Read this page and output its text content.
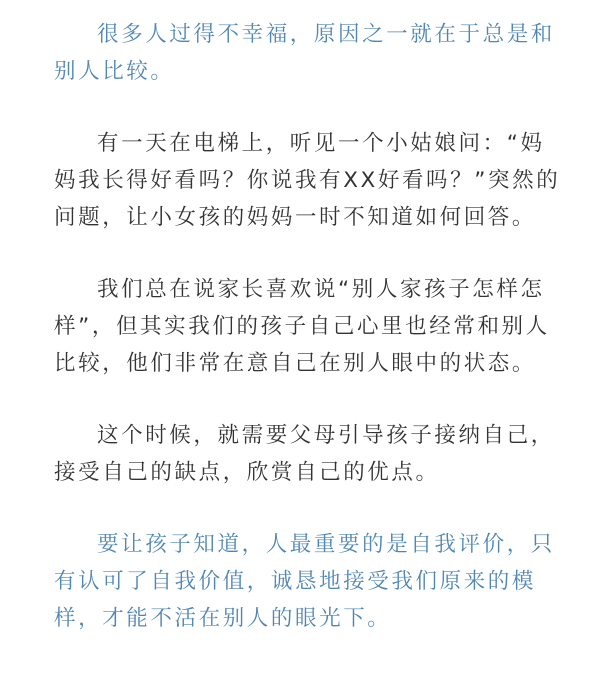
很多人过得不幸福，原因之一就在于总是和
别人比较。

有一天在电梯上，听见一个小姑娘问：“妈
妈我长得好看吗？你说我有XX好看吗？”突然的
问题，让小女孩的妈妈一时不知道如何回答。

我们总在说家长喜欢说“别人家孩子怎样怎
样”，但其实我们的孩子自己心里也经常和别人
比较，他们非常在意自己在别人眼中的状态。

这个时候，就需要父母引导孩子接纳自己，
接受自己的缺点，欣赏自己的优点。

要让孩子知道，人最重要的是自我评价，只
有认可了自我价值，诚恳地接受我们原来的模
样，才能不活在别人的眼光下。
